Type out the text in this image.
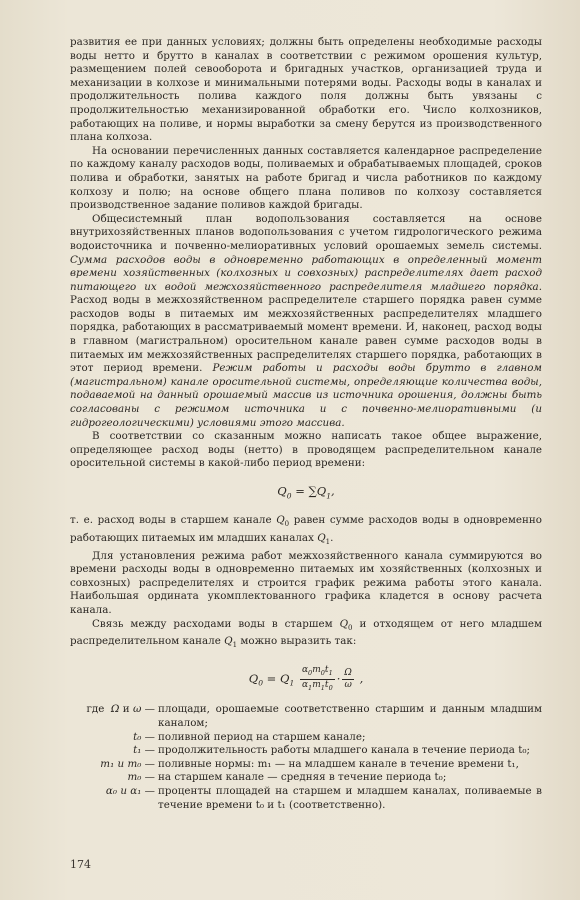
развития ее при данных условиях; должны быть определены необходимые расходы воды нетто и брутто в каналах в соответствии с режимом орошения культур, размещением полей севооборота и бригадных участков, организацией труда и механизации в колхозе и минимальными потерями воды. Расходы воды в каналах и продолжительность полива каждого поля должны быть увязаны с продолжительностью механизированной обработки его. Число колхозников, работающих на поливе, и нормы выработки за смену берутся из производственного плана колхоза.

На основании перечисленных данных составляется календарное распределение по каждому каналу расходов воды, поливаемых и обрабатываемых площадей, сроков полива и обработки, занятых на работе бригад и числа работников по каждому колхозу и полю; на основе общего плана поливов по колхозу составляется производственное задание поливов каждой бригады.

Общесистемный план водопользования составляется на основе внутрихозяйственных планов водопользования с учетом гидрологического режима водоисточника и почвенно-мелиоративных условий орошаемых земель системы. Сумма расходов воды в одновременно работающих в определенный момент времени хозяйственных (колхозных и совхозных) распределителях дает расход питающего их водой межхозяйственного распределителя младшего порядка. Расход воды в межхозяйственном распределителе старшего порядка равен сумме расходов воды в питаемых им межхозяйственных распределителях младшего порядка, работающих в рассматриваемый момент времени. И, наконец, расход воды в главном (магистральном) оросительном канале равен сумме расходов воды в питаемых им межхозяйственных распределителях старшего порядка, работающих в этот период времени. Режим работы и расходы воды брутто в главном (магистральном) канале оросительной системы, определяющие количества воды, подаваемой на данный орошаемый массив из источника орошения, должны быть согласованы с режимом источника и с почвенно-мелиоративными (и гидрогеологическими) условиями этого массива.

В соответствии со сказанным можно написать такое общее выражение, определяющее расход воды (нетто) в проводящем распределительном канале оросительной системы в какой-либо период времени:

$Q_0 = \sum Q_1$,

т. е. расход воды в старшем канале $Q_0$ равен сумме расходов воды в одновременно работающих питаемых им младших каналах $Q_1$.

Для установления режима работ межхозяйственного канала суммируются во времени расходы воды в одновременно питаемых им хозяйственных (колхозных и совхозных) распределителях и строится график режима работы этого канала. Наибольшая ордината укомплектованного графика кладется в основу расчета канала.

Связь между расходами воды в старшем $Q_0$ и отходящем от него младшем распределительном канале $Q_1$ можно выразить так:

$Q_0 = Q_1 \frac{\alpha_0m_0t_1}{\alpha_1m_1t_0} \cdot \frac{\Omega}{\omega}$ ,
где  Ω и ω — площади, орошаемые соответственно старшим и данным младшим каналом;
t₀ — поливной период на старшем канале;
t₁ — продолжительность работы младшего канала в течение периода t₀;
m₁ и m₀ — поливные нормы: m₁ — на младшем канале в течение времени t₁,
m₀ — на старшем канале — средняя в течение периода t₀;
α₀ и α₁ — проценты площадей на старшем и младшем каналах, поливаемые в течение времени t₀ и t₁ (соответственно).
174
